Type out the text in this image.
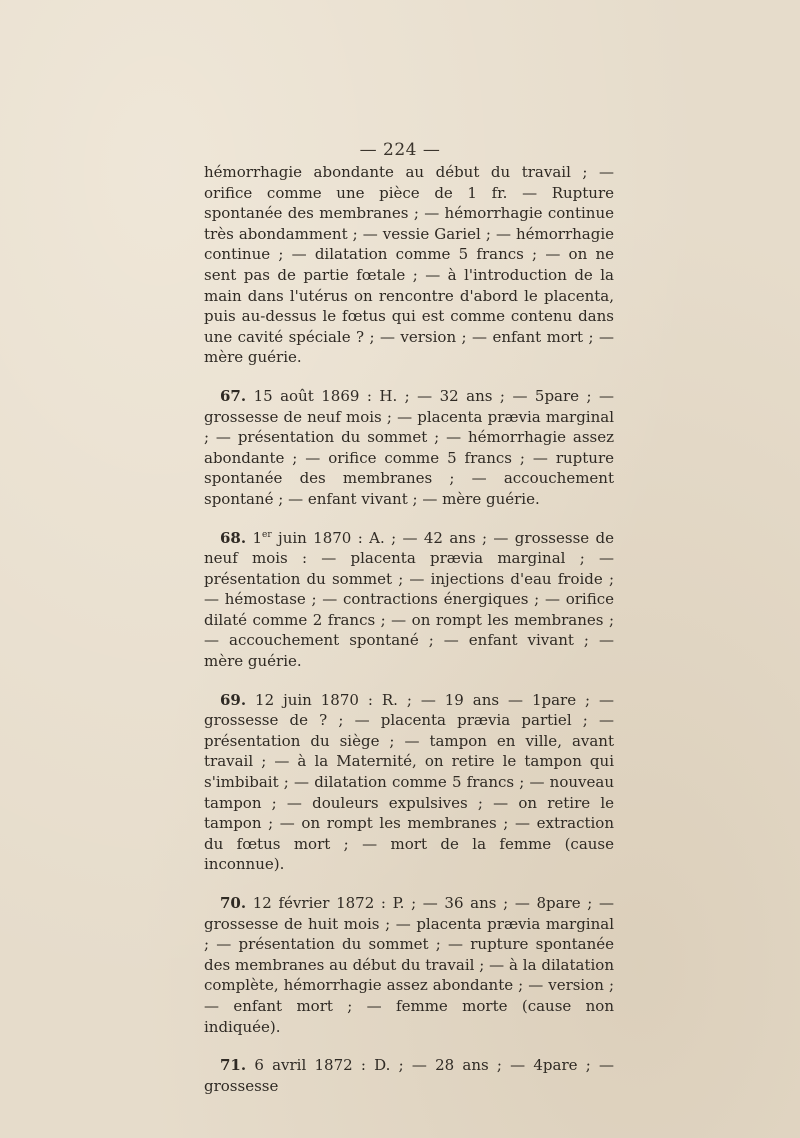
— 224 —

hémorrhagie abondante au début du travail ; — orifice comme une pièce de 1 fr. — Rupture spontanée des membranes ; — hémorrhagie continue très abondamment ; — vessie Gariel ; — hémorrhagie continue ; — dilatation comme 5 francs ; — on ne sent pas de partie fœtale ; — à l'introduction de la main dans l'utérus on rencontre d'abord le placenta, puis au-dessus le fœtus qui est comme contenu dans une cavité spéciale ? ; — version ; — enfant mort ; — mère guérie.

67. 15 août 1869 : H. ; — 32 ans ; — 5pare ; — grossesse de neuf mois ; — placenta prævia marginal ; — présentation du sommet ; — hémorrhagie assez abondante ; — orifice comme 5 francs ; — rupture spontanée des membranes ; — accouchement spontané ; — enfant vivant ; — mère guérie.

68. 1er juin 1870 : A. ; — 42 ans ; — grossesse de neuf mois : — placenta prævia marginal ; — présentation du sommet ; — injections d'eau froide ; — hémostase ; — contractions énergiques ; — orifice dilaté comme 2 francs ; — on rompt les membranes ; — accouchement spontané ; — enfant vivant ; — mère guérie.

69. 12 juin 1870 : R. ; — 19 ans — 1pare ; — grossesse de ? ; — placenta prævia partiel ; — présentation du siège ; — tampon en ville, avant travail ; — à la Maternité, on retire le tampon qui s'imbibait ; — dilatation comme 5 francs ; — nouveau tampon ; — douleurs expulsives ; — on retire le tampon ; — on rompt les membranes ; — extraction du fœtus mort ; — mort de la femme (cause inconnue).

70. 12 février 1872 : P. ; — 36 ans ; — 8pare ; — grossesse de huit mois ; — placenta prævia marginal ; — présentation du sommet ; — rupture spontanée des membranes au début du travail ; — à la dilatation complète, hémorrhagie assez abondante ; — version ; — enfant mort ; — femme morte (cause non indiquée).

71. 6 avril 1872 : D. ; — 28 ans ; — 4pare ; — grossesse
